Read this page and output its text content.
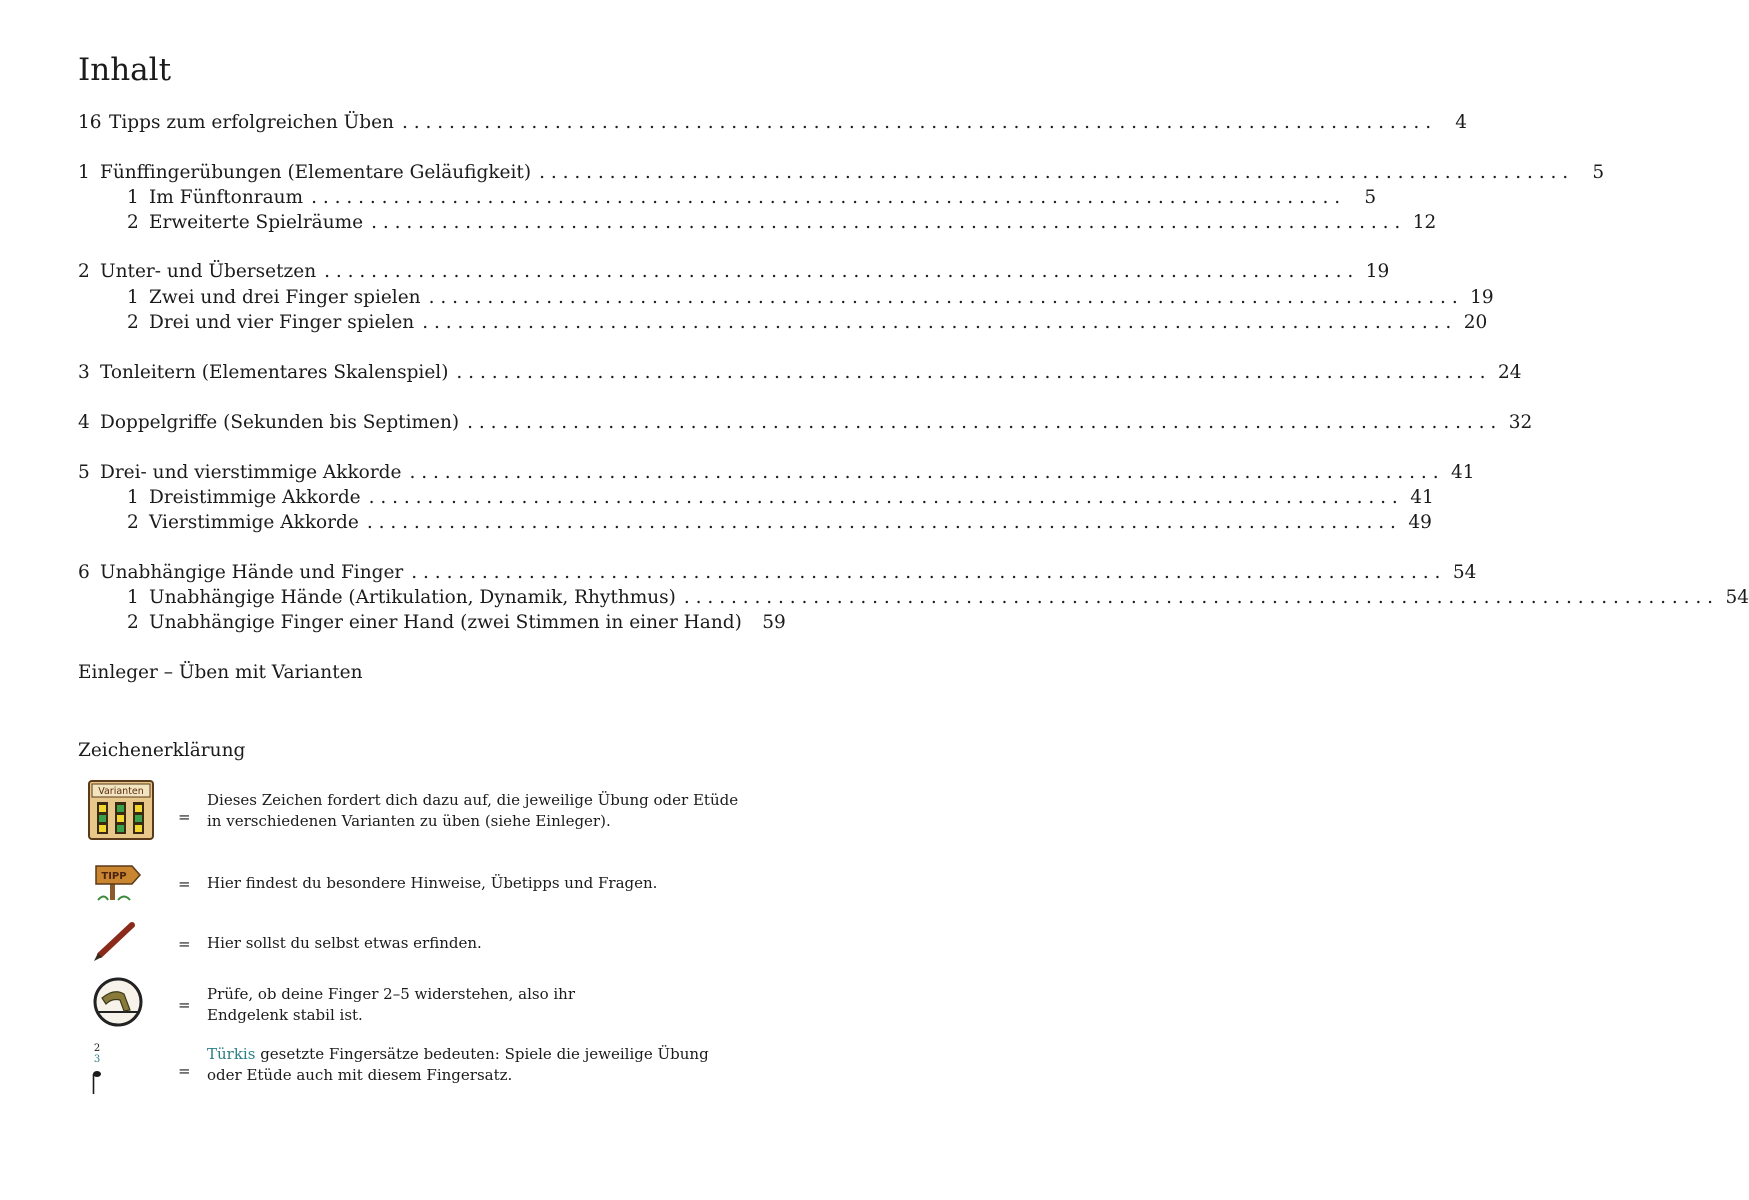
Inhalt
16 Tipps zum erfolgreichen Üben . . .	4
1 Fünffingerübungen (Elementare Geläufigkeit) . . .	5
1 Im Fünftonraum . . .	5
2 Erweiterte Spielräume . . .	12
2 Unter- und Übersetzen . . .	19
1 Zwei und drei Finger spielen . . .	19
2 Drei und vier Finger spielen . . .	20
3 Tonleitern (Elementares Skalenspiel) . . .	24
4 Doppelgriffe (Sekunden bis Septimen) . . .	32
5 Drei- und vierstimmige Akkorde . . .	41
1 Dreistimmige Akkorde . . .	41
2 Vierstimmige Akkorde . . .	49
6 Unabhängige Hände und Finger . . .	54
1 Unabhängige Hände (Artikulation, Dynamik, Rhythmus) . . .	54
2 Unabhängige Finger einer Hand (zwei Stimmen in einer Hand) 59
Einleger – Üben mit Varianten
Zeichenerklärung
Varianten
=
Dieses Zeichen fordert dich dazu auf, die jeweilige Übung oder Etüde in verschiedenen Varianten zu üben (siehe Einleger).
TIPP	= Hier findest du besondere Hinweise, Übetipps und Fragen.
= Hier sollst du selbst etwas erfinden.
=
Prüfe, ob deine Finger 2–5 widerstehen, also ihr Endgelenk stabil ist.
2
3
=
Türkis gesetzte Fingersätze bedeuten: Spiele die jeweilige Übung oder Etüde auch mit diesem Fingersatz.
